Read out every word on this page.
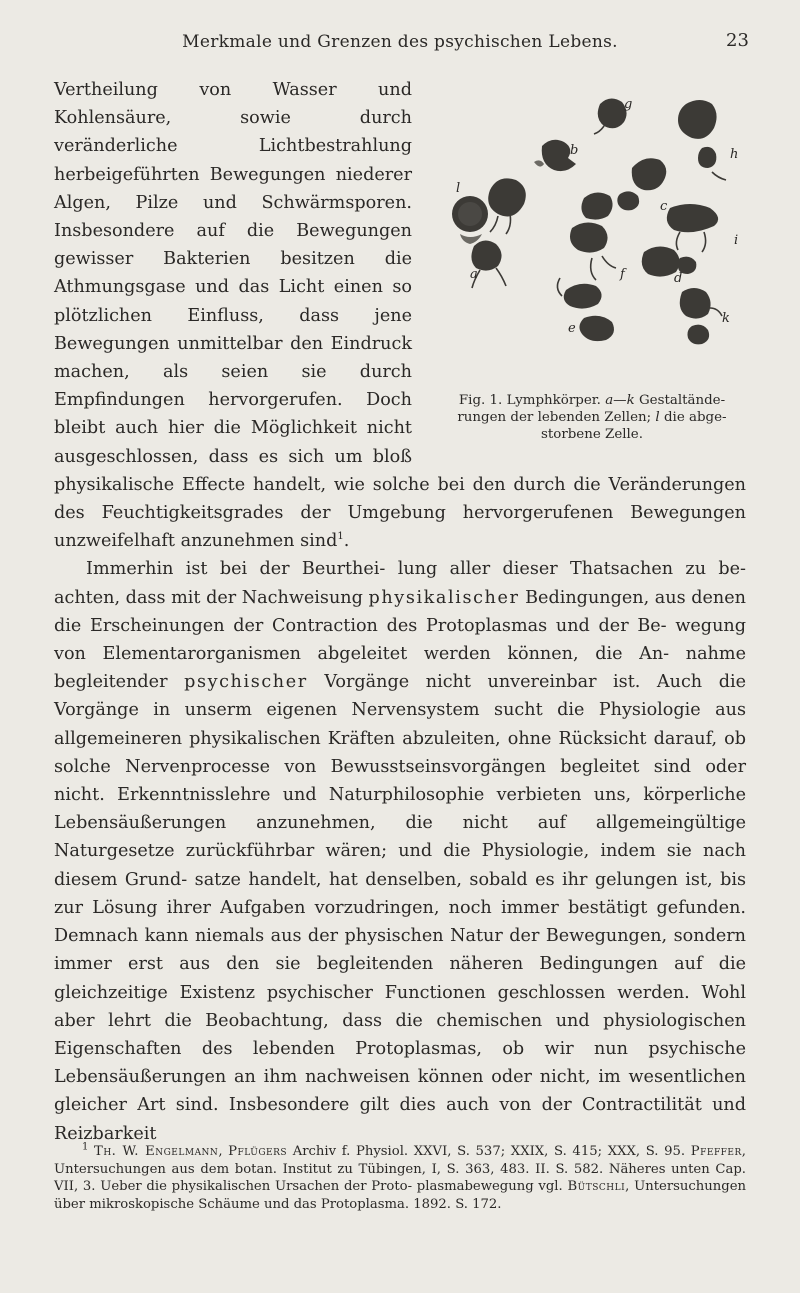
Merkmale und Grenzen des psychischen Lebens.	23
b
g
h
c
i
l
a	f	d
e
k
Fig. 1. Lymphkörper. a—k Gestaltände- rungen der lebenden Zellen; l die abge- storbene Zelle.

Vertheilung von Wasser und Kohlensäure, sowie durch veränderliche Lichtbestrahlung herbeigeführten Bewegungen niederer Algen, Pilze und Schwärmsporen. Insbesondere auf die Bewegungen gewisser Bakterien besitzen die Athmungsgase und das Licht einen so plötzlichen Einfluss, dass jene Bewegungen unmittelbar den Eindruck machen, als seien sie durch Empfindungen hervorgerufen. Doch bleibt auch hier die Möglichkeit nicht ausgeschlossen, dass es sich um bloß physikalische Effecte handelt, wie solche bei den durch die Veränderungen des Feuchtigkeitsgrades der Umgebung hervorgerufenen Bewegungen unzweifelhaft anzunehmen sind$^1$.

Immerhin ist bei der Beurthei- lung aller dieser Thatsachen zu be- achten, dass mit der Nachweisung physikalischer Bedingungen, aus denen die Erscheinungen der Contraction des Protoplasmas und der Be- wegung von Elementarorganismen abgeleitet werden können, die An- nahme begleitender psychischer Vorgänge nicht unvereinbar ist. Auch die Vorgänge in unserm eigenen Nervensystem sucht die Physiologie aus allgemeineren physikalischen Kräften abzuleiten, ohne Rücksicht darauf, ob solche Nervenprocesse von Bewusstseinsvorgängen begleitet sind oder nicht. Erkenntnisslehre und Naturphilosophie verbieten uns, körperliche Lebensäußerungen anzunehmen, die nicht auf allgemeingültige Naturgesetze zurückführbar wären; und die Physiologie, indem sie nach diesem Grund- satze handelt, hat denselben, sobald es ihr gelungen ist, bis zur Lösung ihrer Aufgaben vorzudringen, noch immer bestätigt gefunden. Demnach kann niemals aus der physischen Natur der Bewegungen, sondern immer erst aus den sie begleitenden näheren Bedingungen auf die gleichzeitige Existenz psychischer Functionen geschlossen werden. Wohl aber lehrt die Beobachtung, dass die chemischen und physiologischen Eigenschaften des lebenden Protoplasmas, ob wir nun psychische Lebensäußerungen an ihm nachweisen können oder nicht, im wesentlichen gleicher Art sind. Insbesondere gilt dies auch von der Contractilität und Reizbarkeit

$^1$ Th. W. Engelmann, Pflügers Archiv f. Physiol. XXVI, S. 537; XXIX, S. 415; XXX, S. 95. Pfeffer, Untersuchungen aus dem botan. Institut zu Tübingen, I, S. 363, 483. II. S. 582. Näheres unten Cap. VII, 3. Ueber die physikalischen Ursachen der Proto- plasmabewegung vgl. Bütschli, Untersuchungen über mikroskopische Schäume und das Protoplasma. 1892. S. 172.
